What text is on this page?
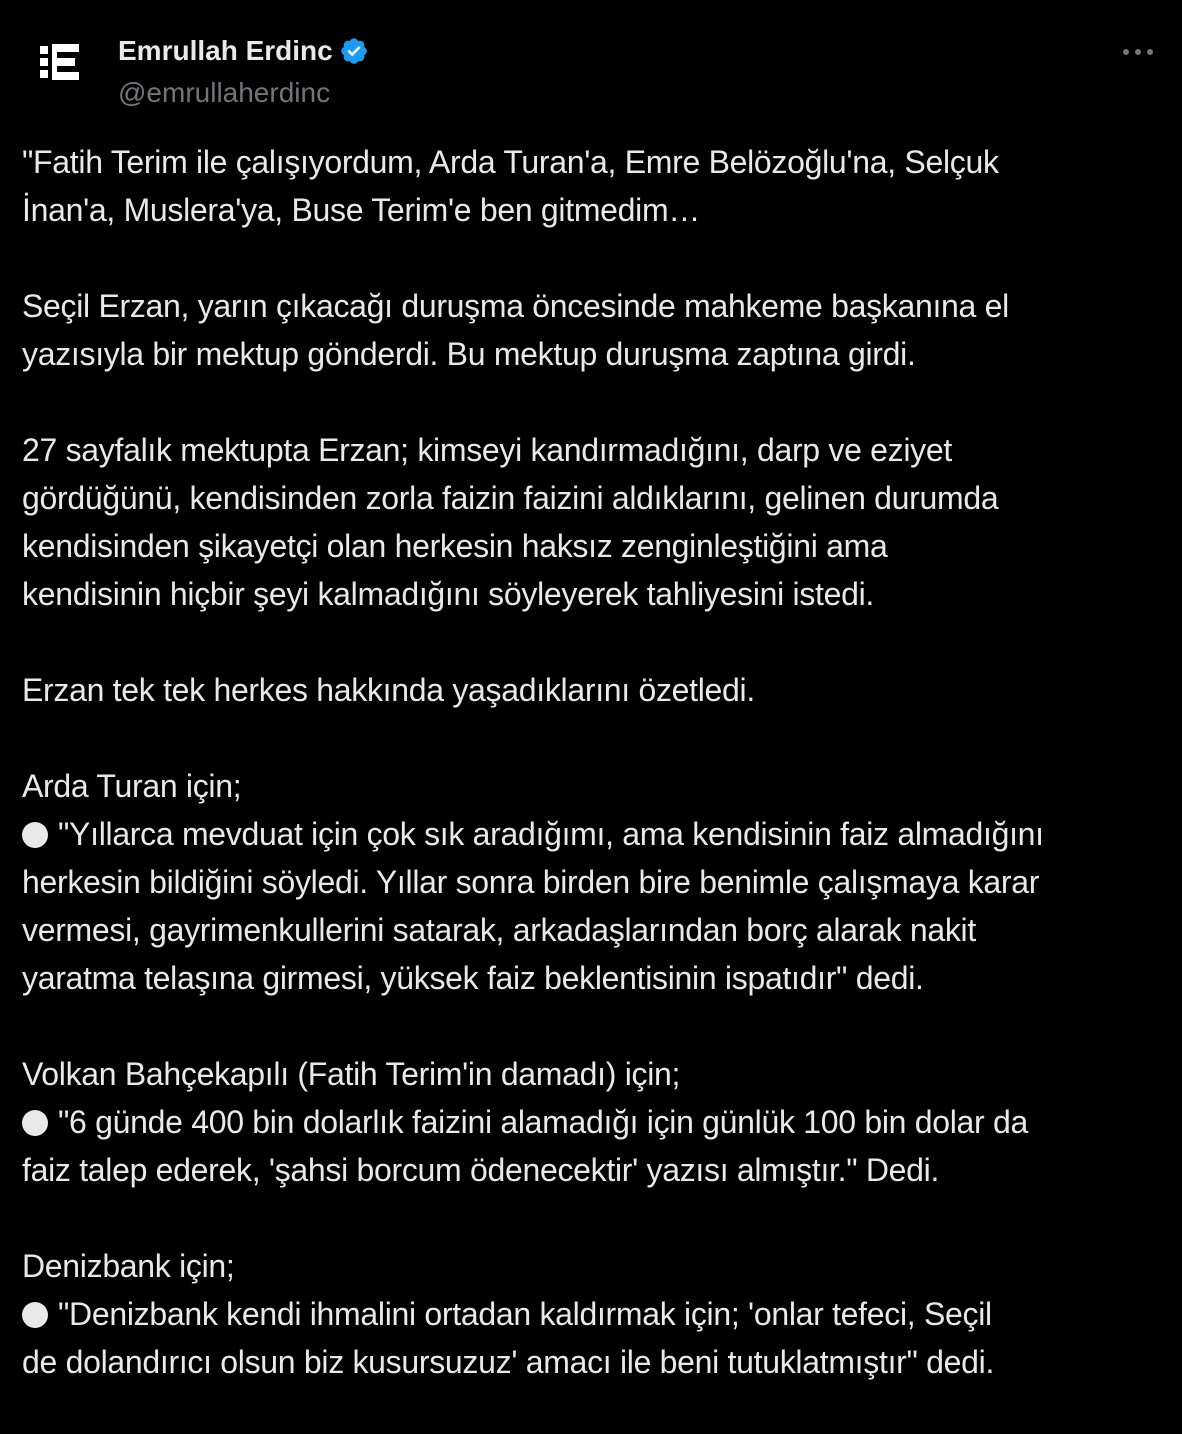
Emrullah Erdinc
@emrullaherdinc
"Fatih Terim ile çalışıyordum, Arda Turan'a, Emre Belözoğlu'na, Selçuk
İnan'a, Muslera'ya, Buse Terim'e ben gitmedim…
Seçil Erzan, yarın çıkacağı duruşma öncesinde mahkeme başkanına el
yazısıyla bir mektup gönderdi. Bu mektup duruşma zaptına girdi.
27 sayfalık mektupta Erzan; kimseyi kandırmadığını, darp ve eziyet
gördüğünü, kendisinden zorla faizin faizini aldıklarını, gelinen durumda
kendisinden şikayetçi olan herkesin haksız zenginleştiğini ama
kendisinin hiçbir şeyi kalmadığını söyleyerek tahliyesini istedi.
Erzan tek tek herkes hakkında yaşadıklarını özetledi.
Arda Turan için;
"Yıllarca mevduat için çok sık aradığımı, ama kendisinin faiz almadığını
herkesin bildiğini söyledi. Yıllar sonra birden bire benimle çalışmaya karar
vermesi, gayrimenkullerini satarak, arkadaşlarından borç alarak nakit
yaratma telaşına girmesi, yüksek faiz beklentisinin ispatıdır" dedi.
Volkan Bahçekapılı (Fatih Terim'in damadı) için;
"6 günde 400 bin dolarlık faizini alamadığı için günlük 100 bin dolar da
faiz talep ederek, 'şahsi borcum ödenecektir' yazısı almıştır." Dedi.
Denizbank için;
"Denizbank kendi ihmalini ortadan kaldırmak için; 'onlar tefeci, Seçil
de dolandırıcı olsun biz kusursuzuz' amacı ile beni tutuklatmıştır" dedi.
